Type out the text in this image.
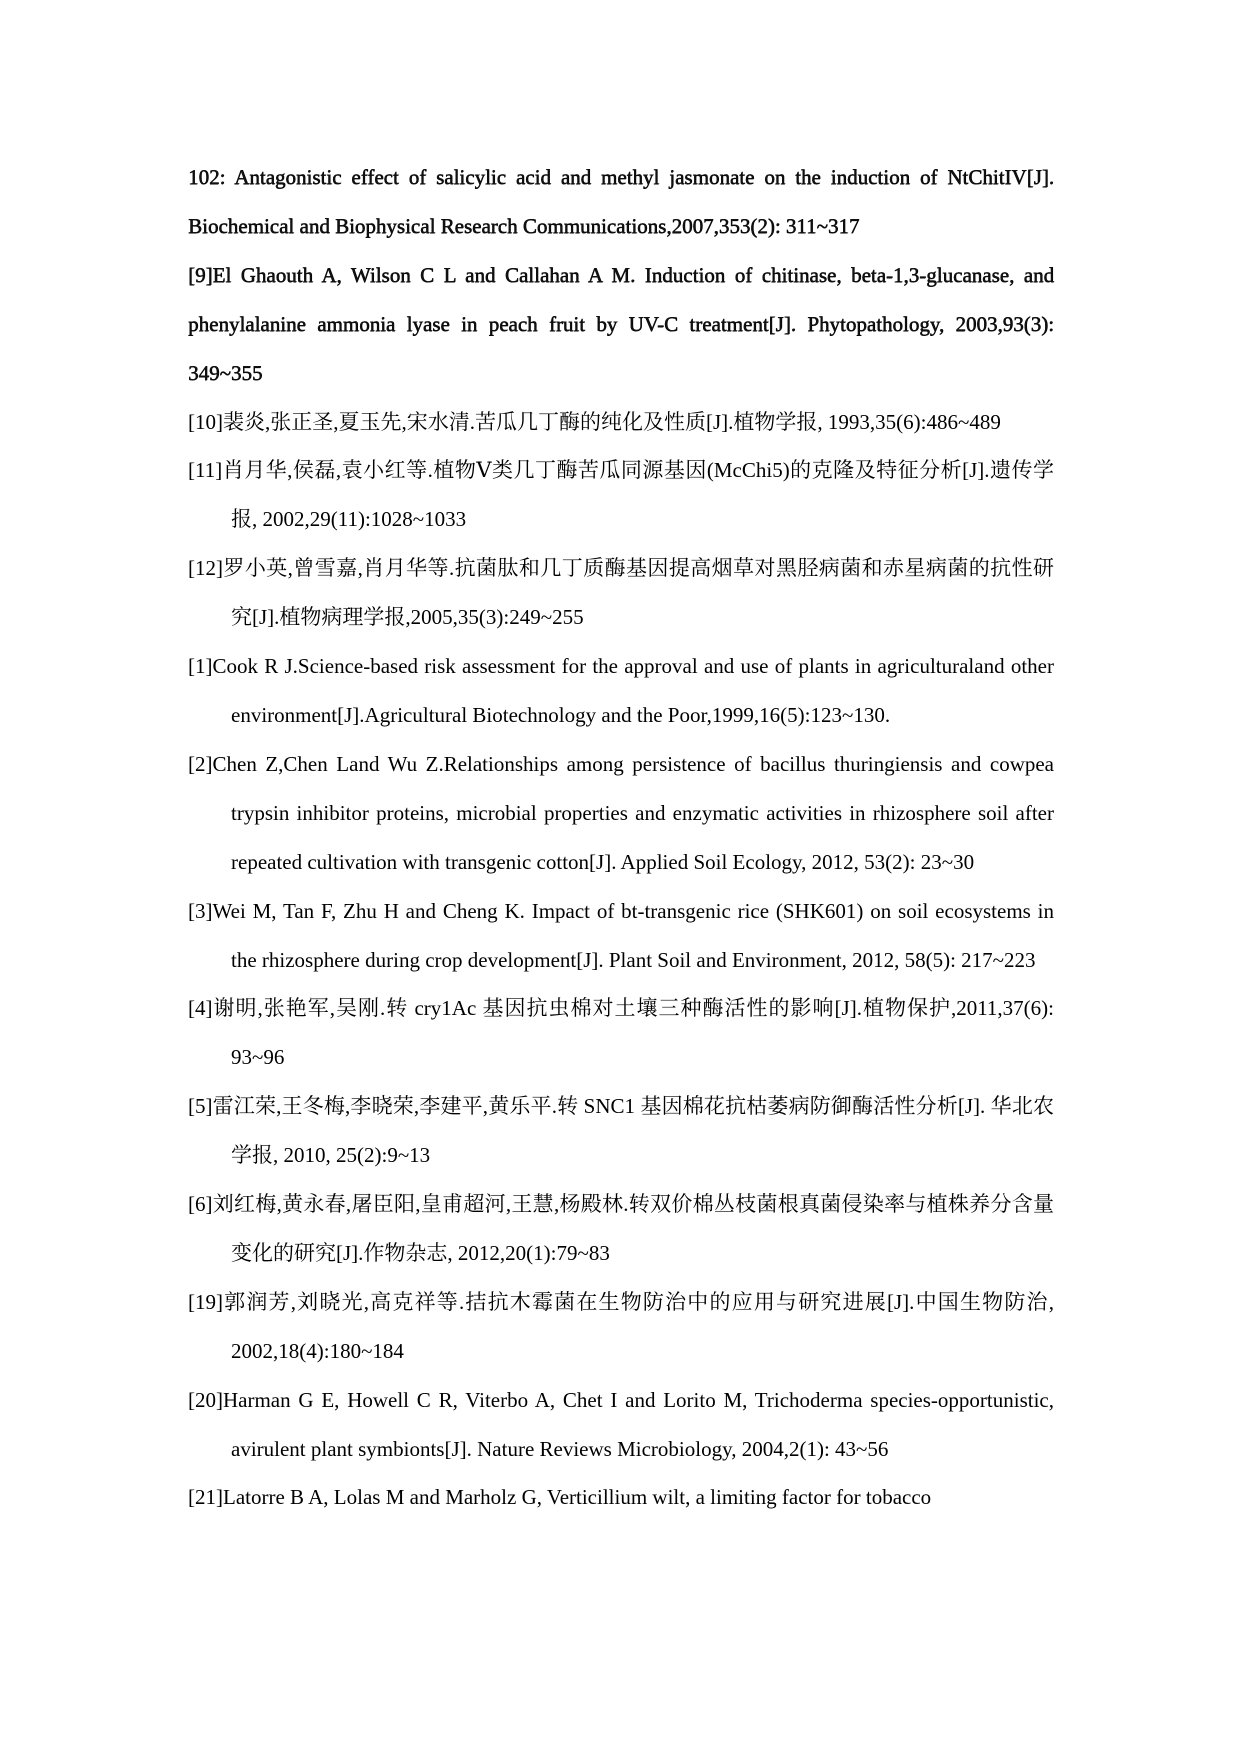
102: Antagonistic effect of salicylic acid and methyl jasmonate on the induction of NtChitIV[J]. Biochemical and Biophysical Research Communications,2007,353(2): 311~317

[9]El Ghaouth A, Wilson C L and Callahan A M. Induction of chitinase, beta-1,3-glucanase, and phenylalanine ammonia lyase in peach fruit by UV-C treatment[J]. Phytopathology, 2003,93(3): 349~355

[10]裴炎,张正圣,夏玉先,宋水清.苦瓜几丁酶的纯化及性质[J].植物学报, 1993,35(6):486~489

[11]肖月华,侯磊,袁小红等.植物Ⅴ类几丁酶苦瓜同源基因(McChi5)的克隆及特征分析[J].遗传学报, 2002,29(11):1028~1033

[12]罗小英,曾雪嘉,肖月华等.抗菌肽和几丁质酶基因提高烟草对黑胫病菌和赤星病菌的抗性研究[J].植物病理学报,2005,35(3):249~255

[1]Cook R J.Science-based risk assessment for the approval and use of plants in agriculturaland other environment[J].Agricultural Biotechnology and the Poor,1999,16(5):123~130.

[2]Chen Z,Chen Land Wu Z.Relationships among persistence of bacillus thuringiensis and cowpea trypsin inhibitor proteins, microbial properties and enzymatic activities in rhizosphere soil after repeated cultivation with transgenic cotton[J]. Applied Soil Ecology, 2012, 53(2): 23~30

[3]Wei M, Tan F, Zhu H and Cheng K. Impact of bt-transgenic rice (SHK601) on soil ecosystems in the rhizosphere during crop development[J]. Plant Soil and Environment, 2012, 58(5): 217~223

[4]谢明,张艳军,吴刚.转 cry1Ac 基因抗虫棉对土壤三种酶活性的影响[J].植物保护,2011,37(6): 93~96

[5]雷江荣,王冬梅,李晓荣,李建平,黄乐平.转 SNC1 基因棉花抗枯萎病防御酶活性分析[J]. 华北农学报, 2010, 25(2):9~13

[6]刘红梅,黄永春,屠臣阳,皇甫超河,王慧,杨殿林.转双价棉丛枝菌根真菌侵染率与植株养分含量变化的研究[J].作物杂志, 2012,20(1):79~83

[19]郭润芳,刘晓光,高克祥等.拮抗木霉菌在生物防治中的应用与研究进展[J].中国生物防治, 2002,18(4):180~184

[20]Harman G E, Howell C R, Viterbo A, Chet I and Lorito M, Trichoderma species-opportunistic, avirulent plant symbionts[J]. Nature Reviews Microbiology, 2004,2(1): 43~56

[21]Latorre B A, Lolas M and Marholz G, Verticillium wilt, a limiting factor for tobacco
